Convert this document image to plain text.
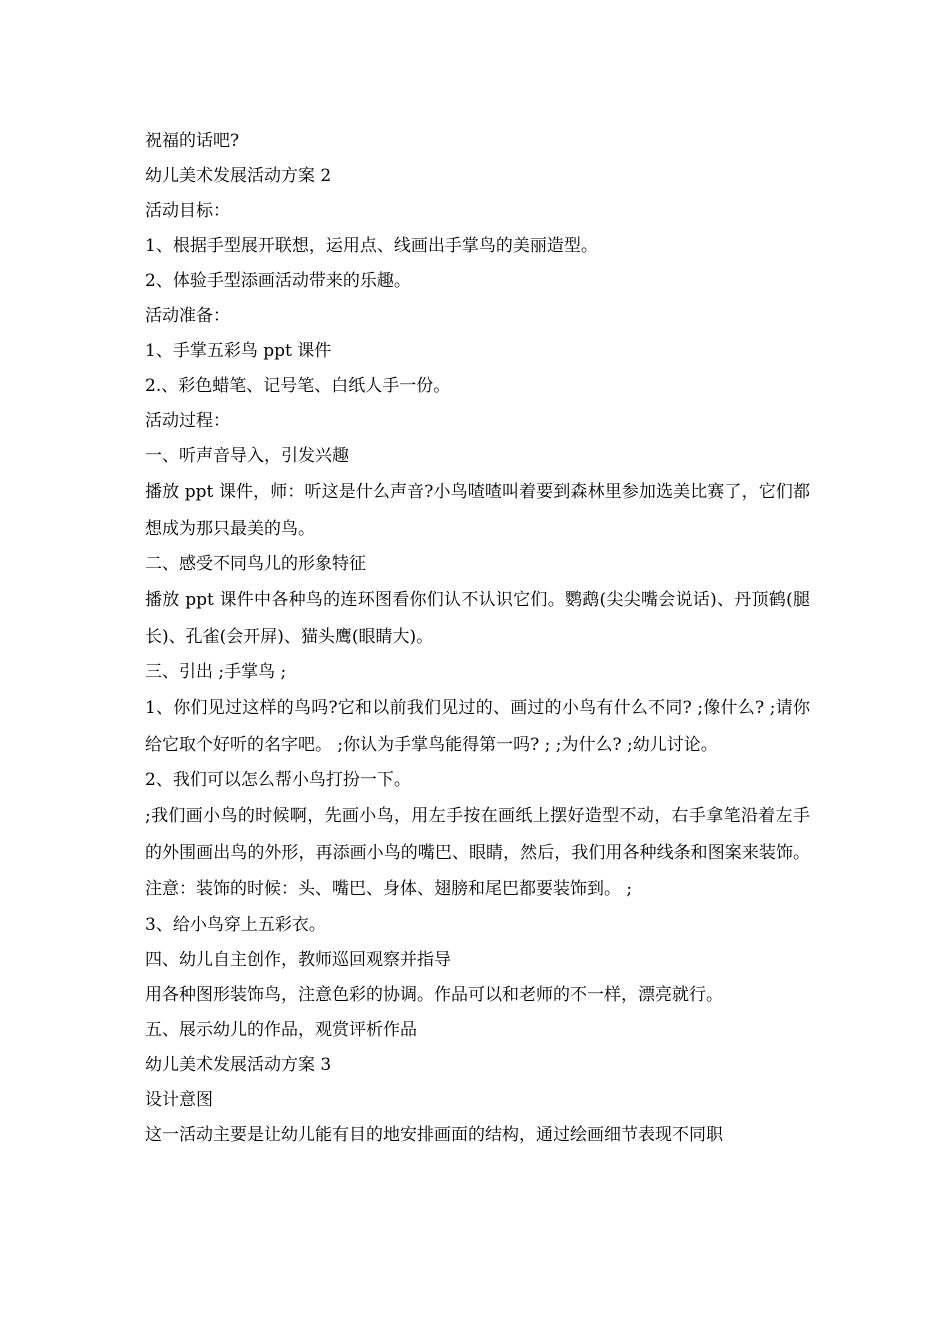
祝福的话吧?

幼儿美术发展活动方案 2

活动目标：

1、根据手型展开联想，运用点、线画出手掌鸟的美丽造型。

2、体验手型添画活动带来的乐趣。

活动准备：

1、手掌五彩鸟 ppt 课件

2.、彩色蜡笔、记号笔、白纸人手一份。

活动过程：

一、听声音导入，引发兴趣

播放 ppt 课件，师：听这是什么声音?小鸟喳喳叫着要到森林里参加选美比赛了，它们都想成为那只最美的鸟。

二、感受不同鸟儿的形象特征

播放 ppt 课件中各种鸟的连环图看你们认不认识它们。鹦鹉(尖尖嘴会说话)、丹顶鹤(腿长)、孔雀(会开屏)、猫头鹰(眼睛大)。

三、引出 ;手掌鸟 ;

1、你们见过这样的鸟吗?它和以前我们见过的、画过的小鸟有什么不同? ;像什么? ;请你给它取个好听的名字吧。 ;你认为手掌鸟能得第一吗? ; ;为什么? ;幼儿讨论。

2、我们可以怎么帮小鸟打扮一下。

;我们画小鸟的时候啊，先画小鸟，用左手按在画纸上摆好造型不动，右手拿笔沿着左手的外围画出鸟的外形，再添画小鸟的嘴巴、眼睛，然后，我们用各种线条和图案来装饰。注意：装饰的时候：头、嘴巴、身体、翅膀和尾巴都要装饰到。 ;

3、给小鸟穿上五彩衣。

四、幼儿自主创作，教师巡回观察并指导

用各种图形装饰鸟，注意色彩的协调。作品可以和老师的不一样，漂亮就行。

五、展示幼儿的作品，观赏评析作品

幼儿美术发展活动方案 3

设计意图

这一活动主要是让幼儿能有目的地安排画面的结构，通过绘画细节表现不同职
